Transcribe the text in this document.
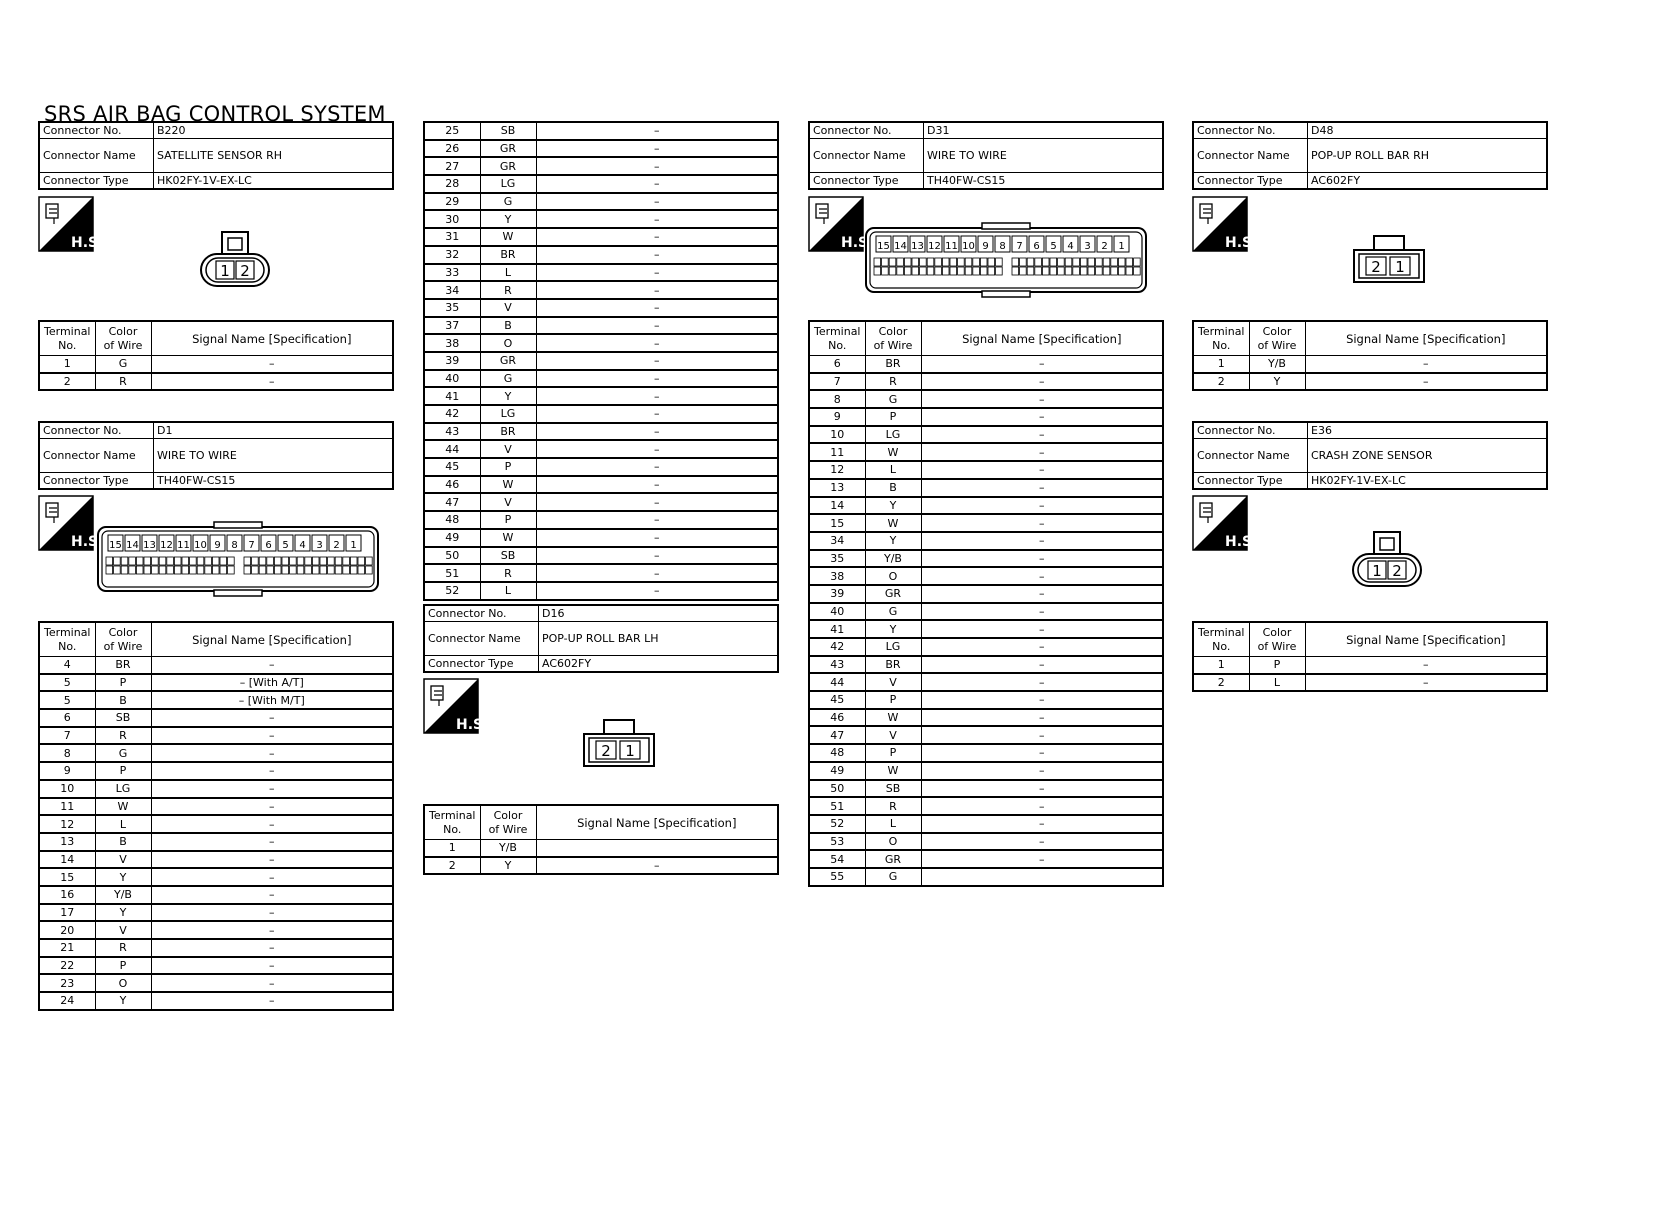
SRS AIR BAG CONTROL SYSTEM
Connector No.	B220
Connector Name	SATELLITE SENSOR RH
Connector Type	HK02FY-1V-EX-LC
H.S.
1 2
Terminal
No.	Color
of Wire	Signal Name [Specification]
1	G	–
2	R	–
Connector No.	D1
Connector Name	WIRE TO WIRE
Connector Type	TH40FW-CS15
H.S. 15 14 13 12 11 10 9 8 7 6 5 4 3 2 1
Terminal
No.	Color
of Wire	Signal Name [Specification]
4	BR	–
5	P	– [With A/T]
5	B	– [With M/T]
6	SB	–
7	R	–
8	G	–
9	P	–
10	LG	–
11	W	–
12	L	–
13	B	–
14	V	–
15	Y	–
16	Y/B	–
17	Y	–
20	V	–
21	R	–
22	P	–
23	O	–
24	Y	–
25	SB	–
26	GR	–
27	GR	–
28	LG	–
29	G	–
30	Y	–
31	W	–
32	BR	–
33	L	–
34	R	–
35	V	–
37	B	–
38	O	–
39	GR	–
40	G	–
41	Y	–
42	LG	–
43	BR	–
44	V	–
45	P	–
46	W	–
47	V	–
48	P	–
49	W	–
50	SB	–
51	R	–
52	L	–
Connector No.	D16
Connector Name	POP-UP ROLL BAR LH
Connector Type	AC602FY
H.S.
2 1
Terminal
No.	Color
of Wire	Signal Name [Specification]
1	Y/B	
2	Y	–
Connector No.	D31
Connector Name	WIRE TO WIRE
Connector Type	TH40FW-CS15
H.S. 15 14 13 12 11 10 9 8 7 6 5 4 3 2 1
Terminal
No.	Color
of Wire	Signal Name [Specification]
6	BR	–
7	R	–
8	G	–
9	P	–
10	LG	–
11	W	–
12	L	–
13	B	–
14	Y	–
15	W	–
34	Y	–
35	Y/B	–
38	O	–
39	GR	–
40	G	–
41	Y	–
42	LG	–
43	BR	–
44	V	–
45	P	–
46	W	–
47	V	–
48	P	–
49	W	–
50	SB	–
51	R	–
52	L	–
53	O	–
54	GR	–
55	G	
Connector No.	D48
Connector Name	POP-UP ROLL BAR RH
Connector Type	AC602FY
H.S.
2 1
Terminal
No.	Color
of Wire	Signal Name [Specification]
1	Y/B	–
2	Y	–
Connector No.	E36
Connector Name	CRASH ZONE SENSOR
Connector Type	HK02FY-1V-EX-LC
H.S.
1 2
Terminal
No.	Color
of Wire	Signal Name [Specification]
1	P	–
2	L	–
